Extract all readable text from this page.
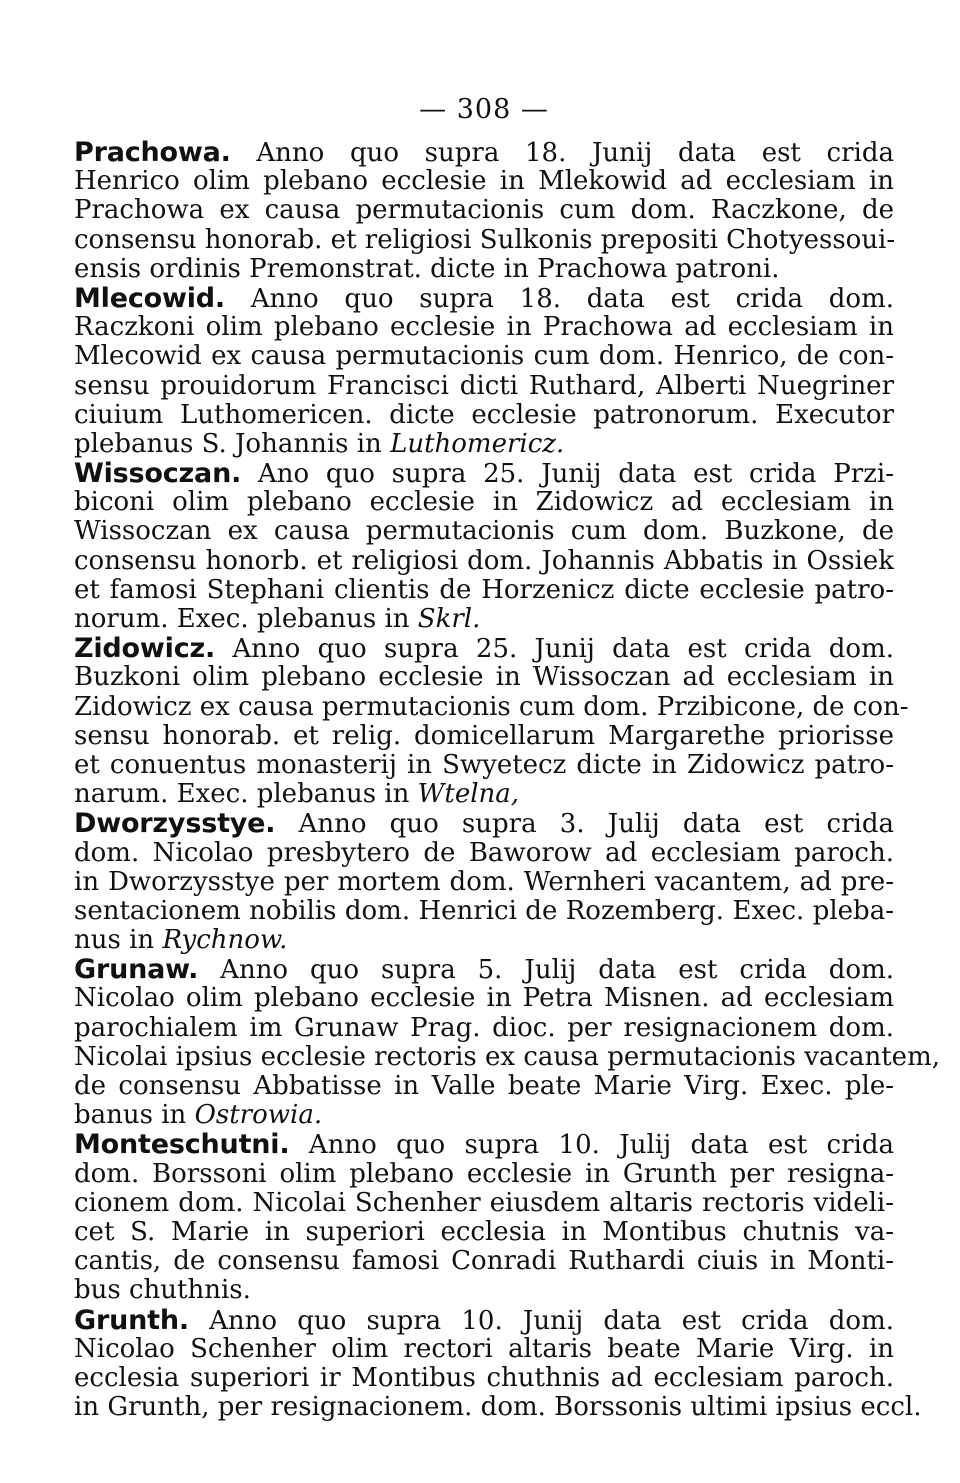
— 308 —
Prachowa. Anno quo supra 18. Junij data est crida
Henrico olim plebano ecclesie in Mlekowid ad ecclesiam in
Prachowa ex causa permutacionis cum dom. Raczkone, de
consensu honorab. et religiosi Sulkonis prepositi Chotyessoui-
ensis ordinis Premonstrat. dicte in Prachowa patroni.
Mlecowid. Anno quo supra 18. data est crida dom.
Raczkoni olim plebano ecclesie in Prachowa ad ecclesiam in
Mlecowid ex causa permutacionis cum dom. Henrico, de con-
sensu prouidorum Francisci dicti Ruthard, Alberti Nuegriner
ciuium Luthomericen. dicte ecclesie patronorum. Executor
plebanus S. Johannis in Luthomericz.
Wissoczan. Ano quo supra 25. Junij data est crida Przi-
biconi olim plebano ecclesie in Zidowicz ad ecclesiam in
Wissoczan ex causa permutacionis cum dom. Buzkone, de
consensu honorb. et religiosi dom. Johannis Abbatis in Ossiek
et famosi Stephani clientis de Horzenicz dicte ecclesie patro-
norum. Exec. plebanus in Skrl.
Zidowicz. Anno quo supra 25. Junij data est crida dom.
Buzkoni olim plebano ecclesie in Wissoczan ad ecclesiam in
Zidowicz ex causa permutacionis cum dom. Przibicone, de con-
sensu honorab. et relig. domicellarum Margarethe priorisse
et conuentus monasterij in Swyetecz dicte in Zidowicz patro-
narum. Exec. plebanus in Wtelna,
Dworzysstye. Anno quo supra 3. Julij data est crida
dom. Nicolao presbytero de Baworow ad ecclesiam paroch.
in Dworzysstye per mortem dom. Wernheri vacantem, ad pre-
sentacionem nobilis dom. Henrici de Rozemberg. Exec. pleba-
nus in Rychnow.
Grunaw. Anno quo supra 5. Julij data est crida dom.
Nicolao olim plebano ecclesie in Petra Misnen. ad ecclesiam
parochialem im Grunaw Prag. dioc. per resignacionem dom.
Nicolai ipsius ecclesie rectoris ex causa permutacionis vacantem,
de consensu Abbatisse in Valle beate Marie Virg. Exec. ple-
banus in Ostrowia.
Monteschutni. Anno quo supra 10. Julij data est crida
dom. Borssoni olim plebano ecclesie in Grunth per resigna-
cionem dom. Nicolai Schenher eiusdem altaris rectoris videli-
cet S. Marie in superiori ecclesia in Montibus chutnis va-
cantis, de consensu famosi Conradi Ruthardi ciuis in Monti-
bus chuthnis.
Grunth. Anno quo supra 10. Junij data est crida dom.
Nicolao Schenher olim rectori altaris beate Marie Virg. in
ecclesia superiori ir Montibus chuthnis ad ecclesiam paroch.
in Grunth, per resignacionem. dom. Borssonis ultimi ipsius eccl.
